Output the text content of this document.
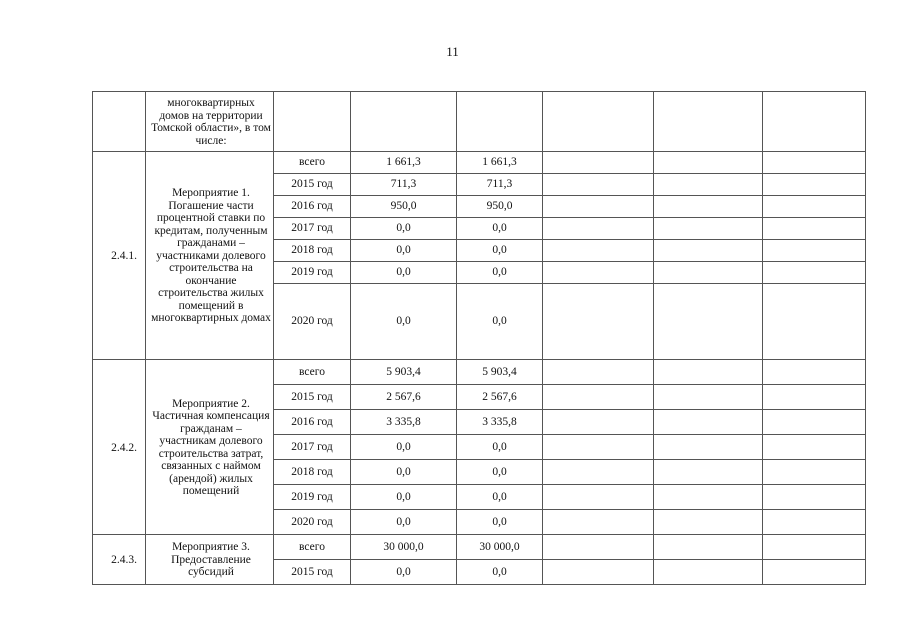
11
	многоквартирных домов на территории Томской области», в том числе:						
2.4.1.	Мероприятие 1. Погашение части процентной ставки по кредитам, полученным гражданами – участниками долевого строительства на окончание строительства жилых помещений в многоквартирных домах	всего	1 661,3	1 661,3			
		2015 год	711,3	711,3			
		2016 год	950,0	950,0			
		2017 год	0,0	0,0			
		2018 год	0,0	0,0			
		2019 год	0,0	0,0			
		2020 год	0,0	0,0			
2.4.2.	Мероприятие 2. Частичная компенсация гражданам – участникам долевого строительства затрат, связанных с наймом (арендой) жилых помещений	всего	5 903,4	5 903,4			
		2015 год	2 567,6	2 567,6			
		2016 год	3 335,8	3 335,8			
		2017 год	0,0	0,0			
		2018 год	0,0	0,0			
		2019 год	0,0	0,0			
		2020 год	0,0	0,0			
2.4.3.	Мероприятие 3. Предоставление субсидий	всего	30 000,0	30 000,0			
		2015 год	0,0	0,0			
